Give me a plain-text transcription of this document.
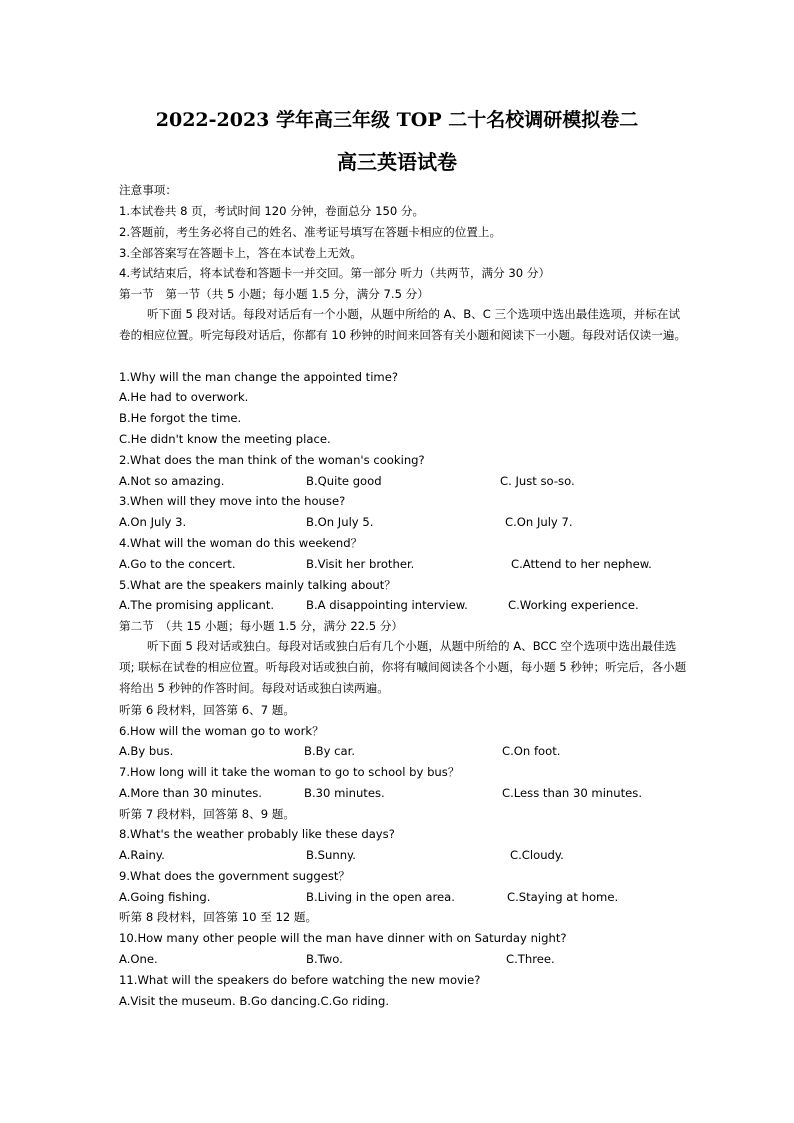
2022-2023 学年高三年级 TOP 二十名校调研模拟卷二
高三英语试卷
注意事项：
1.本试卷共 8 页，考试时间 120 分钟，卷面总分 150 分。
2.答题前，考生务必将自己的姓名、准考证号填写在答题卡相应的位置上。
3.全部答案写在答题卡上，答在本试卷上无效。
4.考试结束后，将本试卷和答题卡一并交回。第一部分 听力（共两节，满分 30 分）
第一节　第一节（共 5 小题；每小题 1.5 分，满分 7.5 分）
听下面 5 段对话。每段对话后有一个小题，从题中所给的 A、B、C 三个选项中选出最佳选项，并标在试卷的相应位置。听完每段对话后，你都有 10 秒钟的时间来回答有关小题和阅读下一小题。每段对话仅读一遍。
1.Why will the man change the appointed time?
A.He had to overwork.
B.He forgot the time.
C.He didn't know the meeting place.
2.What does the man think of the woman's cooking?
A.Not so amazing.	B.Quite good	C. Just so-so.
3.When will they move into the house?
A.On July 3.	B.On July 5.	C.On July 7.
4.What will the woman do this weekend？
A.Go to the concert.	B.Visit her brother.	C.Attend to her nephew.
5.What are the speakers mainly talking about？
A.The promising applicant.	B.A disappointing interview.	C.Working experience.
第二节　（共 15 小题；每小题 1.5 分，满分 22.5 分）
听下面 5 段对话或独白。每段对话或独白后有几个小题，从题中所给的 A、BCC 空个选项中选出最佳选项; 联标在试卷的相应位置。听每段对话或独白前，你将有嘁间阅读各个小题，每小题 5 秒钟；听完后，各小题将给出 5 秒钟的作答时间。每段对话或独白读两遍。
听第 6 段材料，回答第 6、7 题。
6.How will the woman go to work？
A.By bus.	B.By car.	C.On foot.
7.How long will it take the woman to go to school by bus？
A.More than 30 minutes.	B.30 minutes.	C.Less than 30 minutes.
听第 7 段材料，回答第 8、9 题。
8.What's the weather probably like these days?
A.Rainy.	B.Sunny.	C.Cloudy.
9.What does the government suggest？
A.Going fishing.	B.Living in the open area.	C.Staying at home.
听第 8 段材料，回答第 10 至 12 题。
10.How many other people will the man have dinner with on Saturday night?
A.One.	B.Two.	C.Three.
11.What will the speakers do before watching the new movie?
A.Visit the museum. B.Go dancing.C.Go riding.
